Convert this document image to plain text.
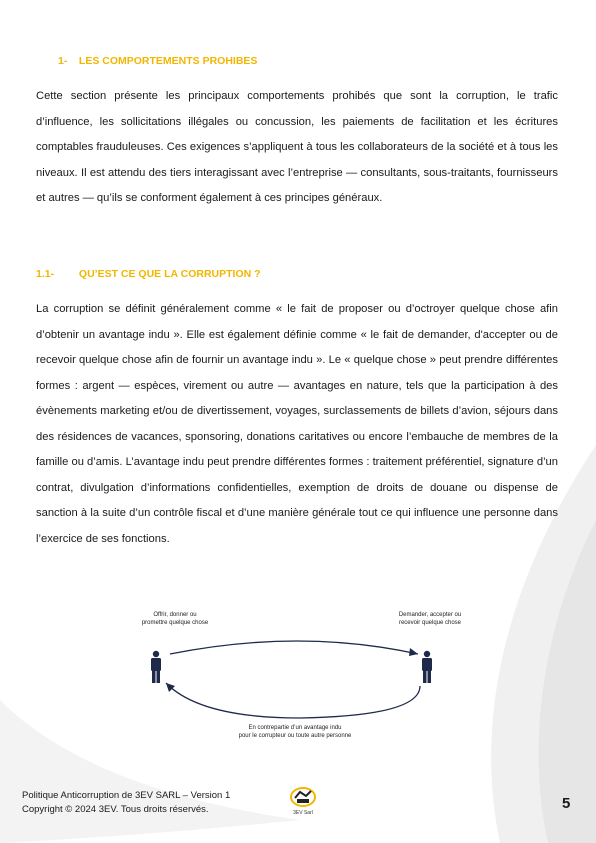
1- LES COMPORTEMENTS PROHIBES
Cette section présente les principaux comportements prohibés que sont la corruption, le trafic d’influence, les sollicitations illégales ou concussion, les paiements de facilitation et les écritures comptables frauduleuses. Ces exigences s’appliquent à tous les collaborateurs de la société et à tous les niveaux. Il est attendu des tiers interagissant avec l’entreprise — consultants, sous-traitants, fournisseurs et autres — qu’ils se conforment également à ces principes généraux.
1.1- QU’EST CE QUE LA CORRUPTION ?
La corruption se définit généralement comme « le fait de proposer ou d’octroyer quelque chose afin d’obtenir un avantage indu ». Elle est également définie comme « le fait de demander, d'accepter ou de recevoir quelque chose afin de fournir un avantage indu ». Le « quelque chose » peut prendre différentes formes : argent — espèces, virement ou autre — avantages en nature, tels que la participation à des évènements marketing et/ou de divertissement, voyages, surclassements de billets d’avion, séjours dans des résidences de vacances, sponsoring, donations caritatives ou encore l’embauche de membres de la famille ou d’amis. L’avantage indu peut prendre différentes formes : traitement préférentiel, signature d’un contrat, divulgation d’informations confidentielles, exemption de droits de douane ou dispense de sanction à la suite d’un contrôle fiscal et d’une manière générale tout ce qui influence une personne dans l’exercice de ses fonctions.
Offrir, donner ou
promettre quelque chose
Demander, accepter ou
recevoir quelque chose
En contrepartie d’un avantage indu
pour le corrupteur ou toute autre personne
Politique Anticorruption de 3EV SARL – Version 1
Copyright © 2024 3EV. Tous droits réservés.	3EV Sarl
5
